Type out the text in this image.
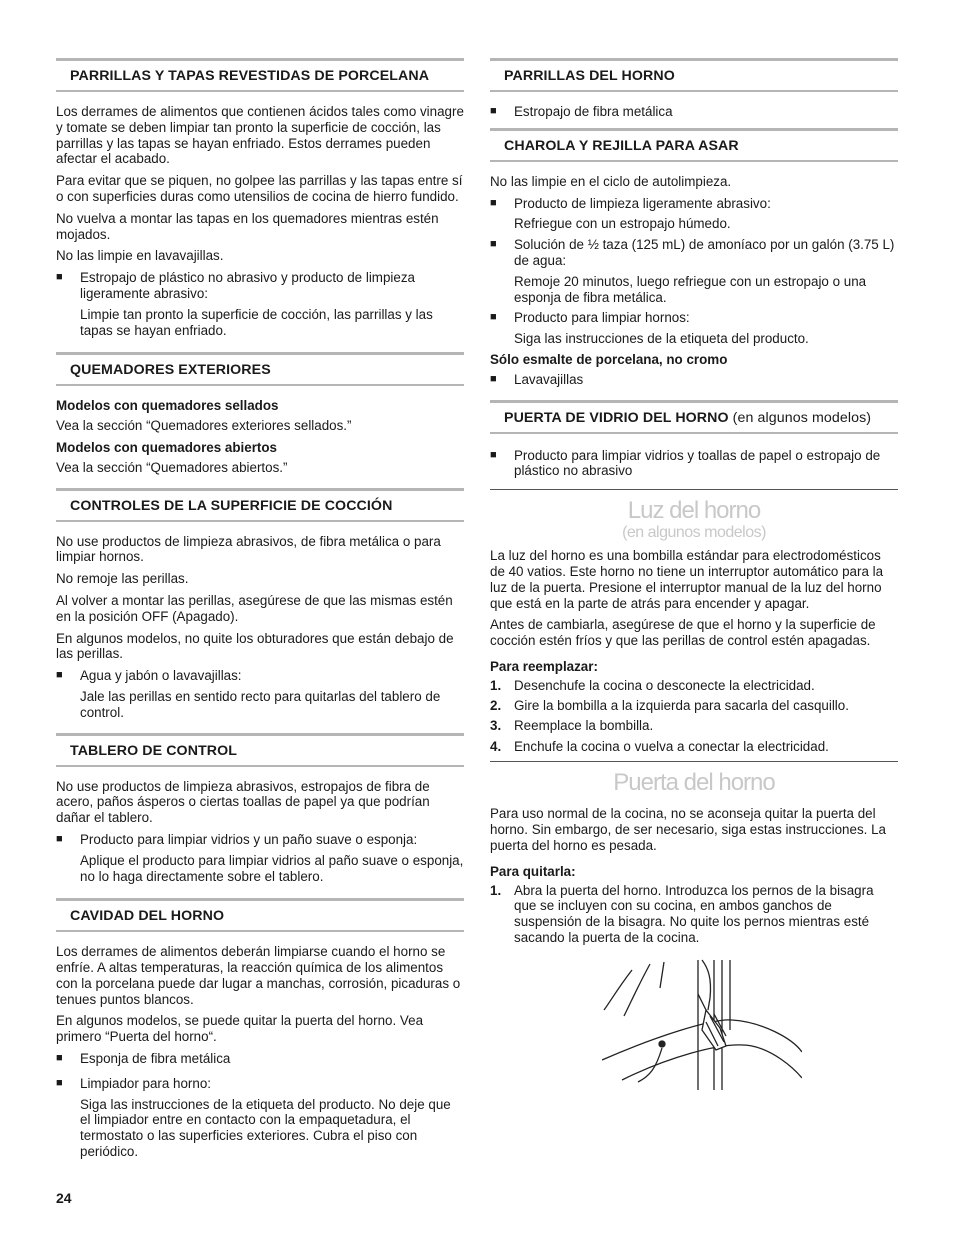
PARRILLAS Y TAPAS REVESTIDAS DE PORCELANA

Los derrames de alimentos que contienen ácidos tales como vinagre y tomate se deben limpiar tan pronto la superficie de cocción, las parrillas y las tapas se hayan enfriado. Estos derrames pueden afectar el acabado.

Para evitar que se piquen, no golpee las parrillas y las tapas entre sí o con superficies duras como utensilios de cocina de hierro fundido.

No vuelva a montar las tapas en los quemadores mientras estén mojados.

No las limpie en lavavajillas.

■	Estropajo de plástico no abrasivo y producto de limpieza ligeramente abrasivo:

Limpie tan pronto la superficie de cocción, las parrillas y las tapas se hayan enfriado.

QUEMADORES EXTERIORES

Modelos con quemadores sellados

Vea la sección “Quemadores exteriores sellados.”

Modelos con quemadores abiertos

Vea la sección “Quemadores abiertos.”

CONTROLES DE LA SUPERFICIE DE COCCIÓN

No use productos de limpieza abrasivos, de fibra metálica o para limpiar hornos.

No remoje las perillas.

Al volver a montar las perillas, asegúrese de que las mismas estén en la posición OFF (Apagado).

En algunos modelos, no quite los obturadores que están debajo de las perillas.

■	Agua y jabón o lavavajillas:

Jale las perillas en sentido recto para quitarlas del tablero de control.

TABLERO DE CONTROL

No use productos de limpieza abrasivos, estropajos de fibra de acero, paños ásperos o ciertas toallas de papel ya que podrían dañar el tablero.

■	Producto para limpiar vidrios y un paño suave o esponja:

Aplique el producto para limpiar vidrios al paño suave o esponja, no lo haga directamente sobre el tablero.

CAVIDAD DEL HORNO

Los derrames de alimentos deberán limpiarse cuando el horno se enfríe. A altas temperaturas, la reacción química de los alimentos con la porcelana puede dar lugar a manchas, corrosión, picaduras o tenues puntos blancos.

En algunos modelos, se puede quitar la puerta del horno. Vea primero “Puerta del horno“.

■	Esponja de fibra metálica
■	Limpiador para horno:

Siga las instrucciones de la etiqueta del producto. No deje que el limpiador entre en contacto con la empaquetadura, el termostato o las superficies exteriores. Cubra el piso con periódico.

PARRILLAS DEL HORNO
■	Estropajo de fibra metálica
CHAROLA Y REJILLA PARA ASAR

No las limpie en el ciclo de autolimpieza.

■	Producto de limpieza ligeramente abrasivo:

Refriegue con un estropajo húmedo.

■	Solución de ½ taza (125 mL) de amoníaco por un galón (3.75 L) de agua:

Remoje 20 minutos, luego refriegue con un estropajo o una esponja de fibra metálica.

■	Producto para limpiar hornos:

Siga las instrucciones de la etiqueta del producto.

Sólo esmalte de porcelana, no cromo

■	Lavavajillas
PUERTA DE VIDRIO DEL HORNO (en algunos modelos)
■	Producto para limpiar vidrios y toallas de papel o estropajo de plástico no abrasivo
Luz del horno
(en algunos modelos)

La luz del horno es una bombilla estándar para electrodomésticos de 40 vatios. Este horno no tiene un interruptor automático para la luz de la puerta. Presione el interruptor manual de la luz del horno que está en la parte de atrás para encender y apagar.

Antes de cambiarla, asegúrese de que el horno y la superficie de cocción estén fríos y que las perillas de control estén apagadas.

Para reemplazar:

1. Desenchufe la cocina o desconecte la electricidad.
2. Gire la bombilla a la izquierda para sacarla del casquillo.
3. Reemplace la bombilla.
4. Enchufe la cocina o vuelva a conectar la electricidad.
Puerta del horno

Para uso normal de la cocina, no se aconseja quitar la puerta del horno. Sin embargo, de ser necesario, siga estas instrucciones. La puerta del horno es pesada.

Para quitarla:

1. Abra la puerta del horno. Introduzca los pernos de la bisagra que se incluyen con su cocina, en ambos ganchos de suspensión de la bisagra. No quite los pernos mientras esté sacando la puerta de la cocina.
24
